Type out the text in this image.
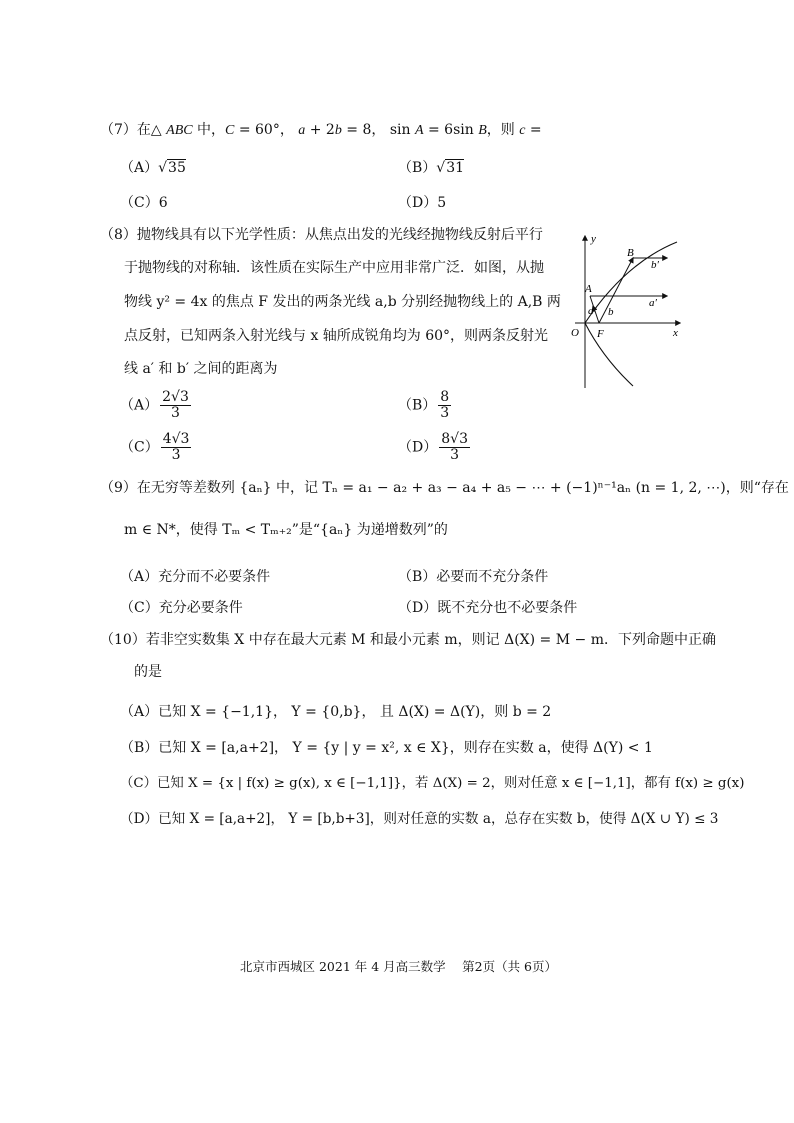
（7）在△ ABC 中，C = 60°， a + 2b = 8， sin A = 6sin B，则 c =
（A）√35	（B）√31
（C）6	（D）5
（8）抛物线具有以下光学性质：从焦点出发的光线经抛物线反射后平行
于抛物线的对称轴．该性质在实际生产中应用非常广泛．如图，从抛
物线 y² = 4x 的焦点 F 发出的两条光线 a,b 分别经抛物线上的 A,B 两
点反射，已知两条入射光线与 x 轴所成锐角均为 60°，则两条反射光
线 a′ 和 b′ 之间的距离为
$(A) \frac{2√3}{3}$	$(B) \frac{8}{3}$
$(C) \frac{4√3}{3}$	$(D) \frac{8√3}{3}$
y
x
O F
A
B
a b
a′
b′
（9）在无穷等差数列 {aₙ} 中，记 Tₙ = a₁ − a₂ + a₃ − a₄ + a₅ − ⋯ + (−1)ⁿ⁻¹aₙ (n = 1, 2, ⋯)，则“存在
m ∈ N*，使得 Tₘ < Tₘ₊₂”是“{aₙ} 为递增数列”的
（A）充分而不必要条件	（B）必要而不充分条件
（C）充分必要条件	（D）既不充分也不必要条件
（10）若非空实数集 X 中存在最大元素 M 和最小元素 m，则记 Δ(X) = M − m．下列命题中正确
的是
（A）已知 X = {−1,1}， Y = {0,b}， 且 Δ(X) = Δ(Y)，则 b = 2
（B）已知 X = [a,a+2]， Y = {y | y = x², x ∈ X}，则存在实数 a，使得 Δ(Y) < 1
（C）已知 X = {x | f(x) ≥ g(x), x ∈ [−1,1]}，若 Δ(X) = 2，则对任意 x ∈ [−1,1]，都有 f(x) ≥ g(x)
（D）已知 X = [a,a+2]， Y = [b,b+3]，则对任意的实数 a，总存在实数 b，使得 Δ(X ∪ Y) ≤ 3
北京市西城区 2021 年 4 月高三数学　 第2页（共 6页）
